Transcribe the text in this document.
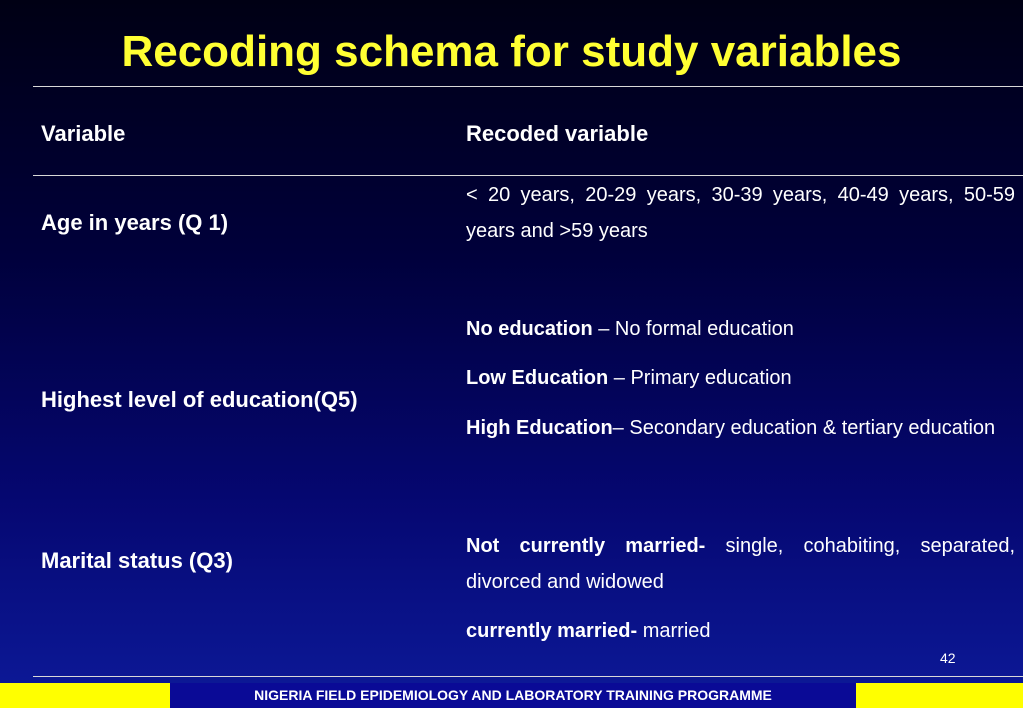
Recoding schema for study variables
Variable	Recoded variable
Age in years (Q 1)
< 20 years, 20-29 years, 30-39 years, 40-49 years, 50-59 years and >59 years
Highest level of education(Q5)
No education – No formal education
Low Education – Primary education
High Education– Secondary education & tertiary education
Marital status (Q3)
Not currently married- single, cohabiting, separated, divorced and widowed
currently married- married
42
NIGERIA FIELD EPIDEMIOLOGY AND LABORATORY TRAINING PROGRAMME
